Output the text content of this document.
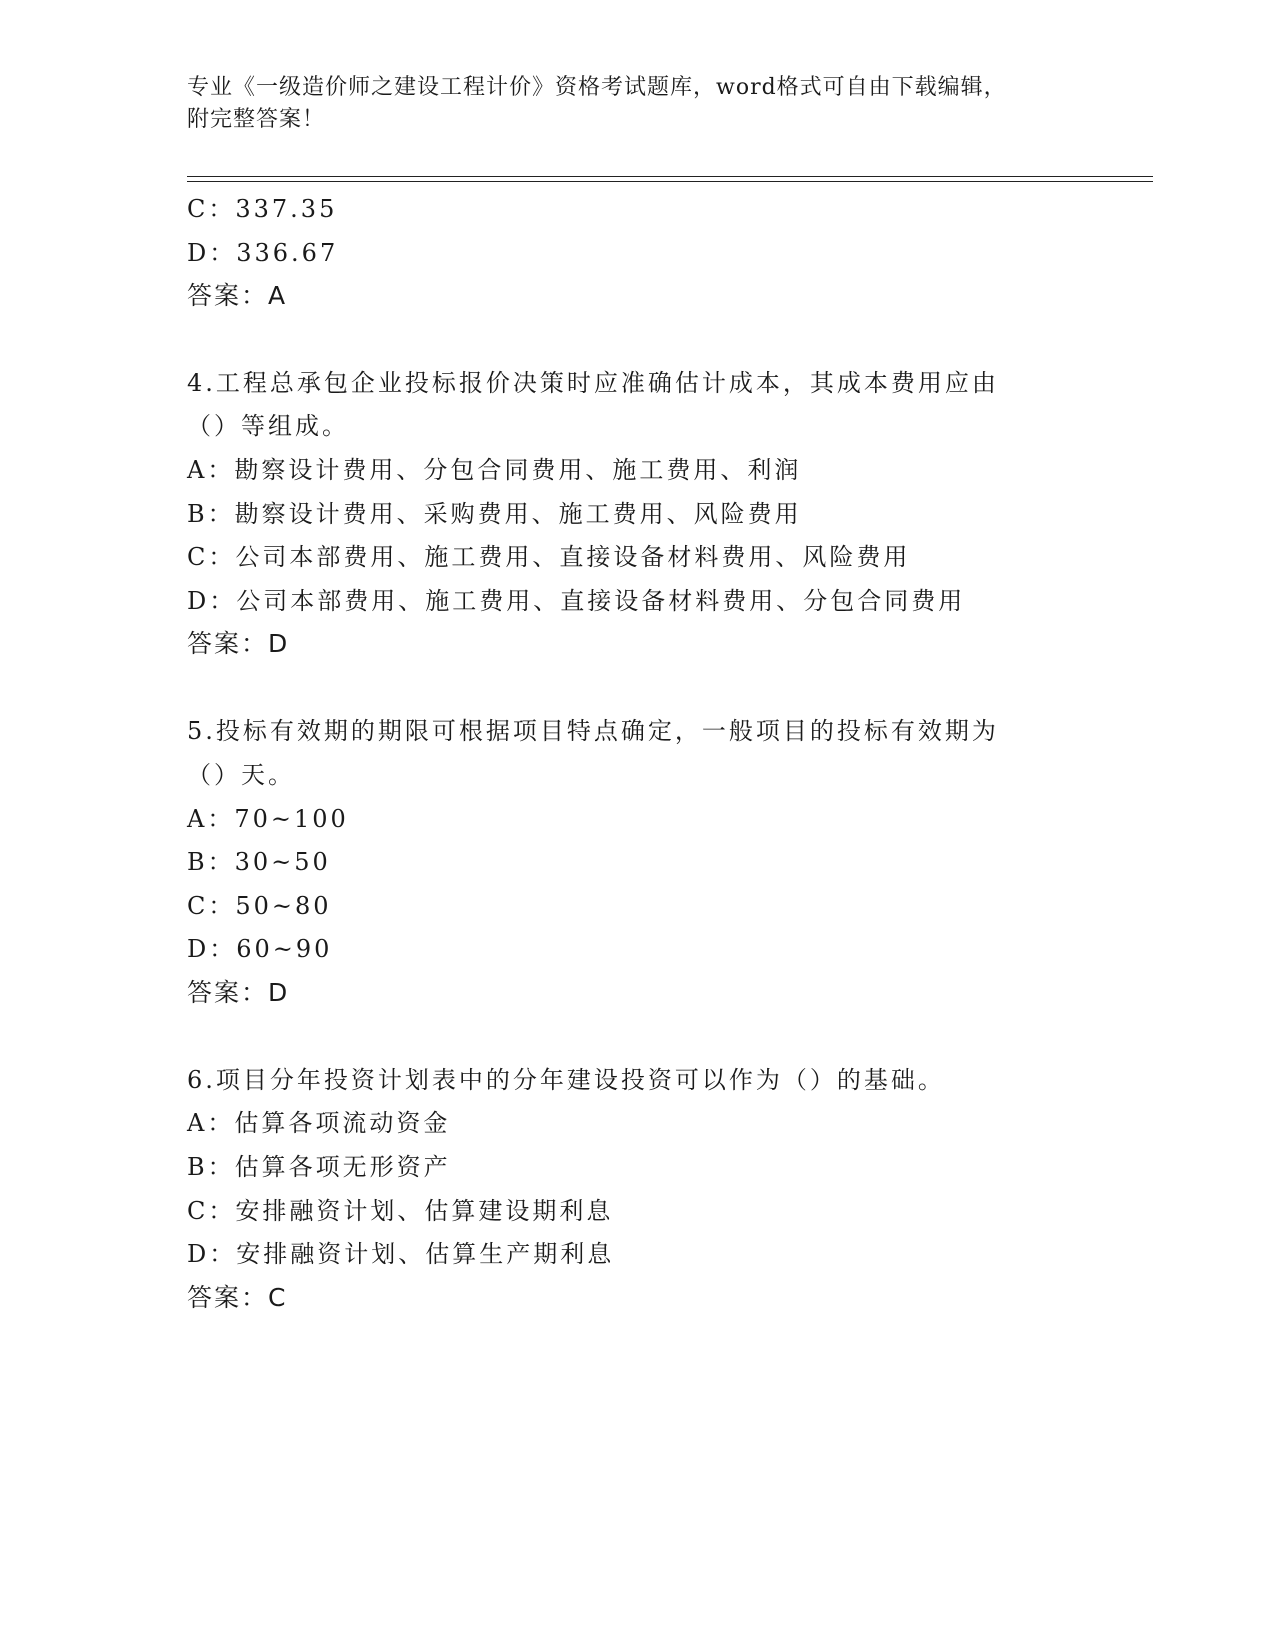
专业《一级造价师之建设工程计价》资格考试题库，word格式可自由下载编辑，
附完整答案！
C：337.35
D：336.67
答案：A
4.工程总承包企业投标报价决策时应准确估计成本，其成本费用应由
（）等组成。
A：勘察设计费用、分包合同费用、施工费用、利润
B：勘察设计费用、采购费用、施工费用、风险费用
C：公司本部费用、施工费用、直接设备材料费用、风险费用
D：公司本部费用、施工费用、直接设备材料费用、分包合同费用
答案：D
5.投标有效期的期限可根据项目特点确定，一般项目的投标有效期为
（）天。
A：70~100
B：30~50
C：50~80
D：60~90
答案：D
6.项目分年投资计划表中的分年建设投资可以作为（）的基础。
A：估算各项流动资金
B：估算各项无形资产
C：安排融资计划、估算建设期利息
D：安排融资计划、估算生产期利息
答案：C
